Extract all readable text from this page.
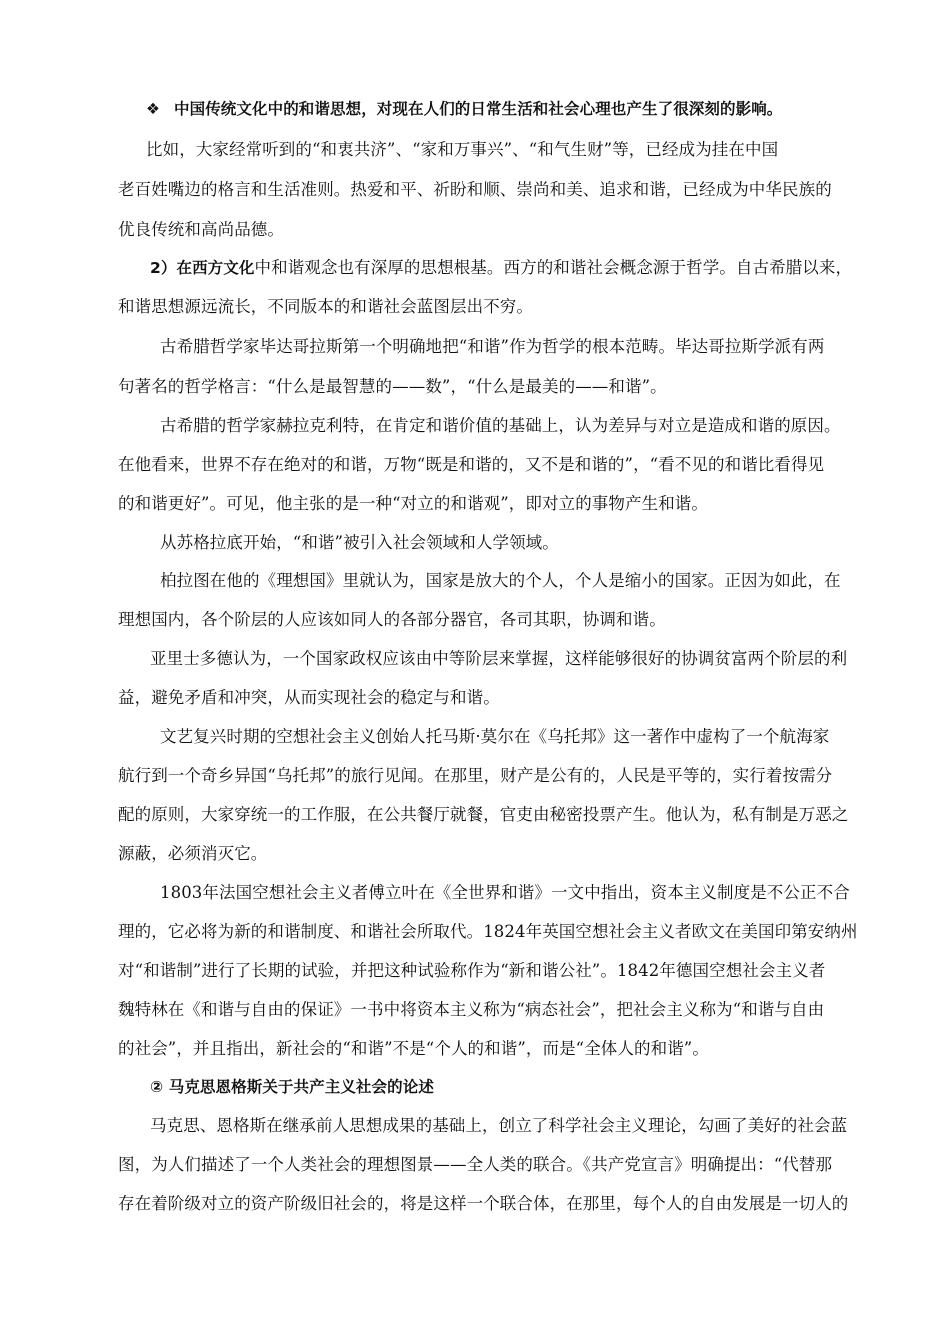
❖ 中国传统文化中的和谐思想，对现在人们的日常生活和社会心理也产生了很深刻的影响。
比如，大家经常听到的“和衷共济”、“家和万事兴”、“和气生财”等，已经成为挂在中国
老百姓嘴边的格言和生活准则。热爱和平、祈盼和顺、崇尚和美、追求和谐，已经成为中华民族的
优良传统和高尚品德。
2）在西方文化中和谐观念也有深厚的思想根基。西方的和谐社会概念源于哲学。自古希腊以来，
和谐思想源远流长，不同版本的和谐社会蓝图层出不穷。
古希腊哲学家毕达哥拉斯第一个明确地把“和谐”作为哲学的根本范畴。毕达哥拉斯学派有两
句著名的哲学格言：“什么是最智慧的——数”，“什么是最美的——和谐”。
古希腊的哲学家赫拉克利特，在肯定和谐价值的基础上，认为差异与对立是造成和谐的原因。
在他看来，世界不存在绝对的和谐，万物“既是和谐的，又不是和谐的”，“看不见的和谐比看得见
的和谐更好”。可见，他主张的是一种“对立的和谐观”，即对立的事物产生和谐。
从苏格拉底开始，“和谐”被引入社会领域和人学领域。
柏拉图在他的《理想国》里就认为，国家是放大的个人，个人是缩小的国家。正因为如此，在
理想国内，各个阶层的人应该如同人的各部分器官，各司其职，协调和谐。
亚里士多德认为，一个国家政权应该由中等阶层来掌握，这样能够很好的协调贫富两个阶层的利
益，避免矛盾和冲突，从而实现社会的稳定与和谐。
文艺复兴时期的空想社会主义创始人托马斯·莫尔在《乌托邦》这一著作中虚构了一个航海家
航行到一个奇乡异国“乌托邦”的旅行见闻。在那里，财产是公有的，人民是平等的，实行着按需分
配的原则，大家穿统一的工作服，在公共餐厅就餐，官吏由秘密投票产生。他认为，私有制是万恶之
源蔽，必须消灭它。
1803年法国空想社会主义者傅立叶在《全世界和谐》一文中指出，资本主义制度是不公正不合
理的，它必将为新的和谐制度、和谐社会所取代。1824年英国空想社会主义者欧文在美国印第安纳州
对“和谐制”进行了长期的试验，并把这种试验称作为“新和谐公社”。1842年德国空想社会主义者
魏特林在《和谐与自由的保证》一书中将资本主义称为“病态社会”，把社会主义称为“和谐与自由
的社会”，并且指出，新社会的“和谐”不是“个人的和谐”，而是“全体人的和谐”。
② 马克思恩格斯关于共产主义社会的论述
马克思、恩格斯在继承前人思想成果的基础上，创立了科学社会主义理论，勾画了美好的社会蓝
图，为人们描述了一个人类社会的理想图景——全人类的联合。《共产党宣言》明确提出：“代替那
存在着阶级对立的资产阶级旧社会的，将是这样一个联合体，在那里，每个人的自由发展是一切人的
